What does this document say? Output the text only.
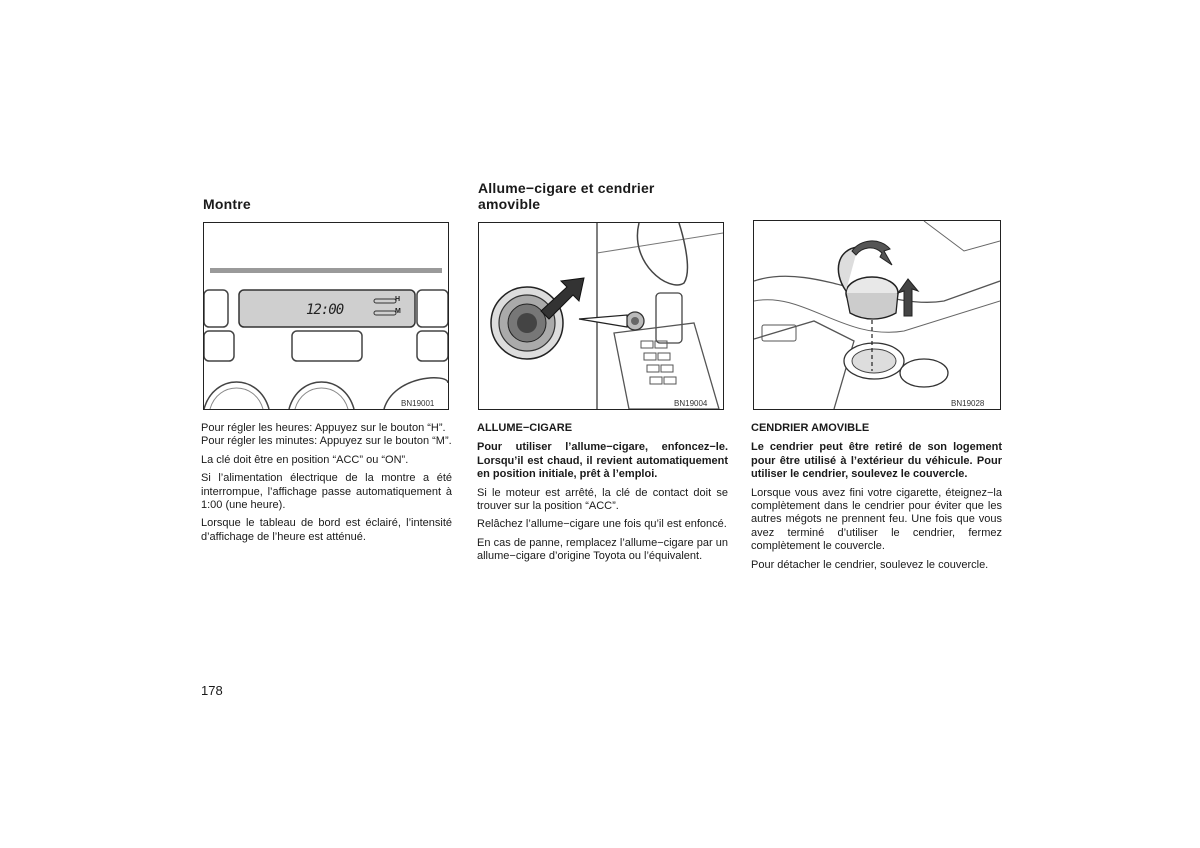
Montre
Allume−cigare et cendrier
amovible
12:00
H
M
BN19001	BN19004	BN19028

Pour régler les heures: Appuyez sur le bouton “H”.

Pour régler les minutes: Appuyez sur le bouton “M”.

La clé doit être en position “ACC” ou “ON”.

Si l’alimentation électrique de la montre a été interrompue, l’affichage passe automatiquement à 1:00 (une heure).

Lorsque le tableau de bord est éclairé, l’intensité d’affichage de l’heure est atténué.

ALLUME−CIGARE

Pour utiliser l’allume−cigare, enfoncez−le. Lorsqu’il est chaud, il revient automatiquement en position initiale, prêt à l’emploi.

Si le moteur est arrêté, la clé de contact doit se trouver sur la position “ACC”.

Relâchez l’allume−cigare une fois qu’il est enfoncé.

En cas de panne, remplacez l’allume−cigare par un allume−cigare d’origine Toyota ou l’équivalent.

CENDRIER AMOVIBLE

Le cendrier peut être retiré de son logement pour être utilisé à l’extérieur du véhicule. Pour utiliser le cendrier, soulevez le couvercle.

Lorsque vous avez fini votre cigarette, éteignez−la complètement dans le cendrier pour éviter que les autres mégots ne prennent feu. Une fois que vous avez terminé d’utiliser le cendrier, fermez complètement le couvercle.

Pour détacher le cendrier, soulevez le couvercle.

178
